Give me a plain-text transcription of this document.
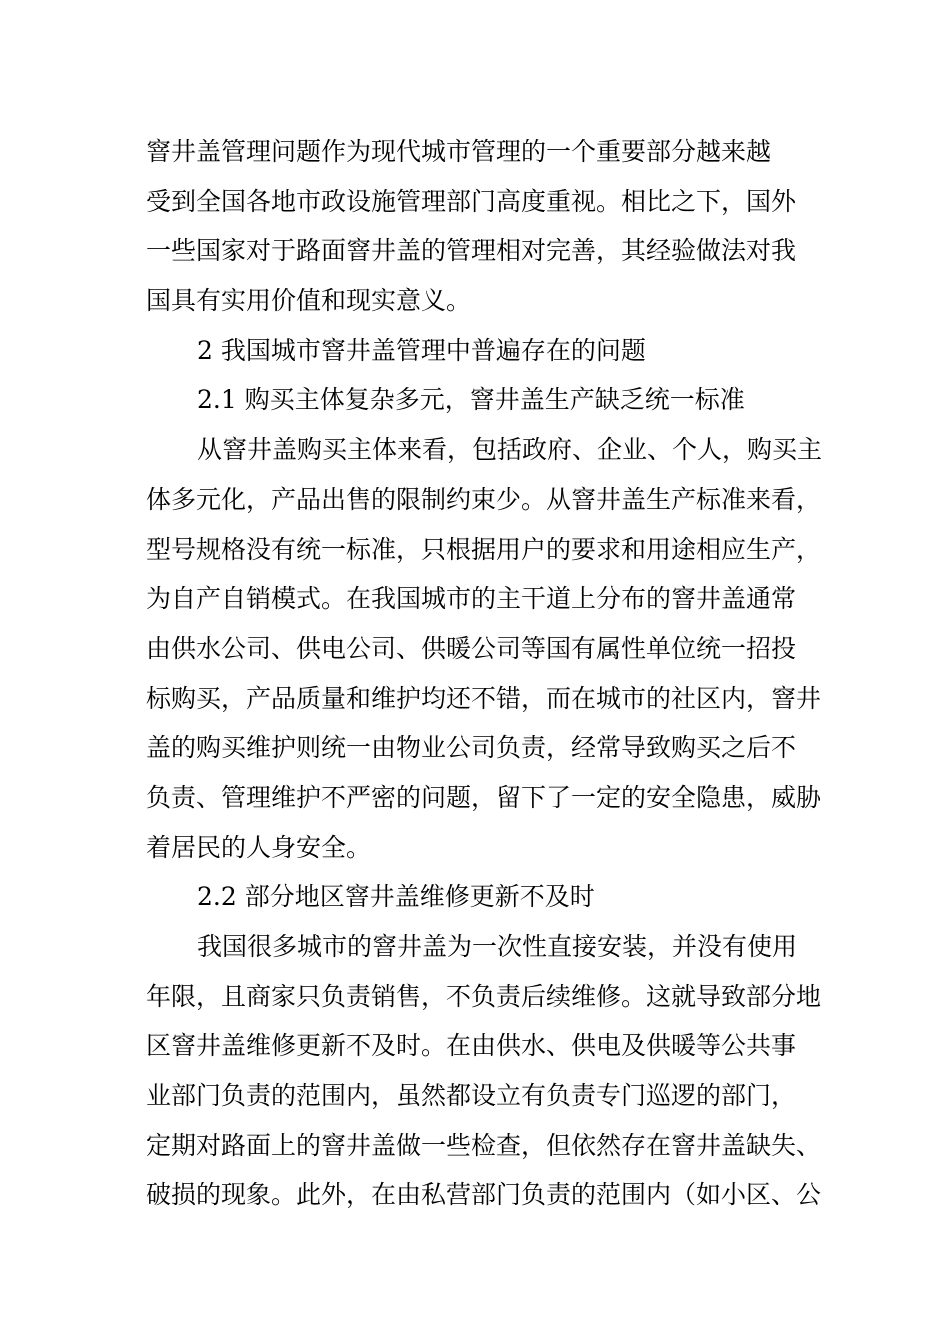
窨井盖管理问题作为现代城市管理的一个重要部分越来越
受到全国各地市政设施管理部门高度重视。相比之下，国外
一些国家对于路面窨井盖的管理相对完善，其经验做法对我
国具有实用价值和现实意义。
2 我国城市窨井盖管理中普遍存在的问题
2.1 购买主体复杂多元，窨井盖生产缺乏统一标准
从窨井盖购买主体来看，包括政府、企业、个人，购买主
体多元化，产品出售的限制约束少。从窨井盖生产标准来看，
型号规格没有统一标准，只根据用户的要求和用途相应生产，
为自产自销模式。在我国城市的主干道上分布的窨井盖通常
由供水公司、供电公司、供暖公司等国有属性单位统一招投
标购买，产品质量和维护均还不错，而在城市的社区内，窨井
盖的购买维护则统一由物业公司负责，经常导致购买之后不
负责、管理维护不严密的问题，留下了一定的安全隐患，威胁
着居民的人身安全。
2.2 部分地区窨井盖维修更新不及时
我国很多城市的窨井盖为一次性直接安装，并没有使用
年限，且商家只负责销售，不负责后续维修。这就导致部分地
区窨井盖维修更新不及时。在由供水、供电及供暖等公共事
业部门负责的范围内，虽然都设立有负责专门巡逻的部门，
定期对路面上的窨井盖做一些检查，但依然存在窨井盖缺失、
破损的现象。此外，在由私营部门负责的范围内（如小区、公
